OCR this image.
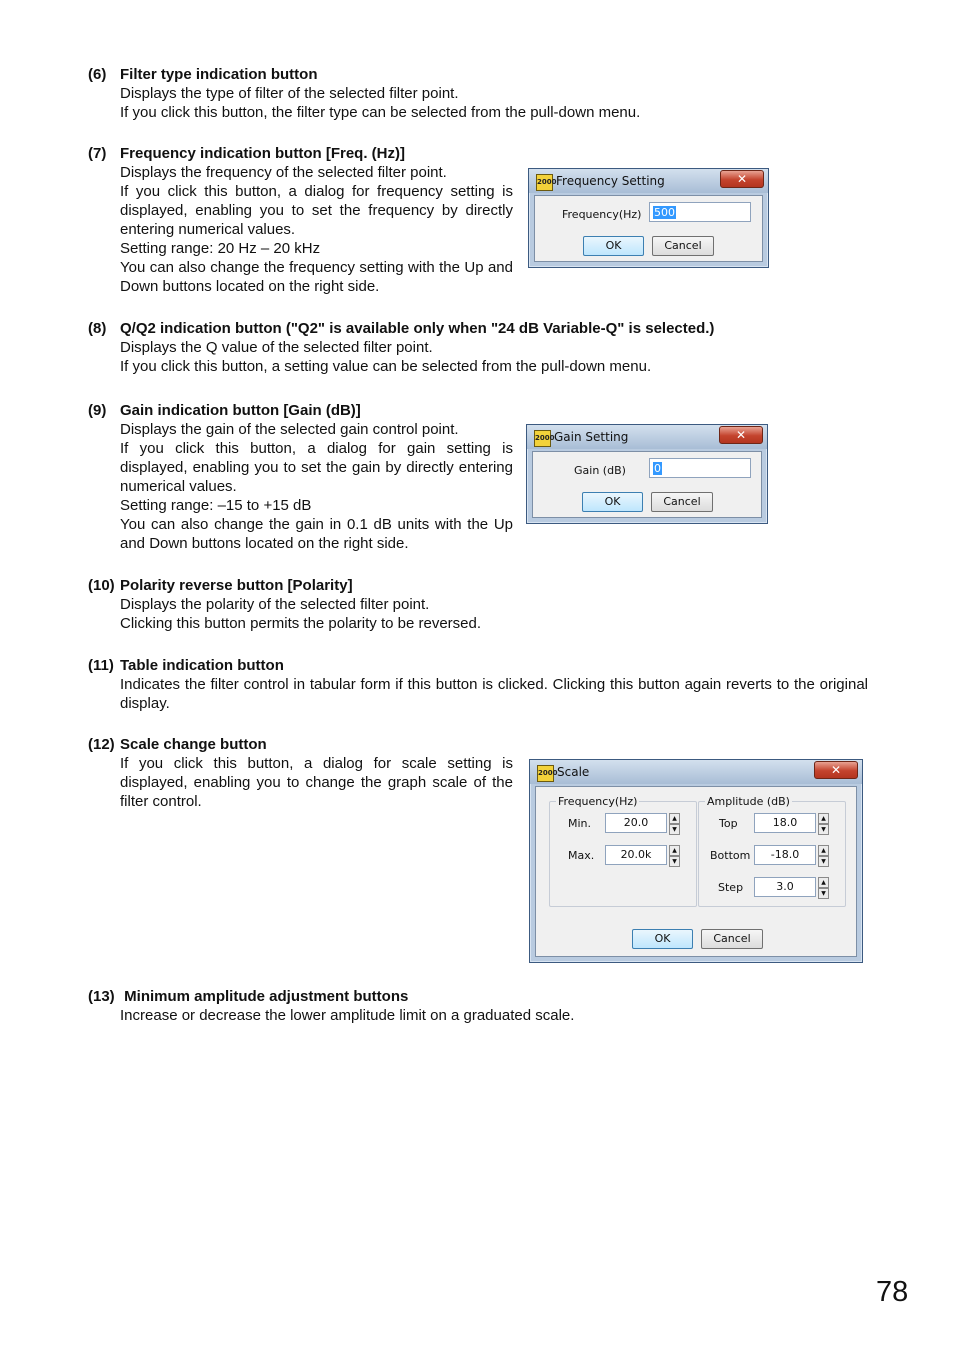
(6) Filter type indication button
Displays the type of filter of the selected filter point.
If you click this button, the filter type can be selected from the pull-down menu.
(7) Frequency indication button [Freq. (Hz)]
Displays the frequency of the selected filter point.
If you click this button, a dialog for frequency setting is displayed, enabling you to set the frequency by directly entering numerical values.
Setting range: 20 Hz – 20 kHz
You can also change the frequency setting with the Up and Down buttons located on the right side.
2000 Frequency Setting	✕
Frequency(Hz)	500
OK	Cancel
(8) Q/Q2 indication button ("Q2" is available only when "24 dB Variable-Q" is selected.)
Displays the Q value of the selected filter point.
If you click this button, a setting value can be selected from the pull-down menu.
(9) Gain indication button [Gain (dB)]
Displays the gain of the selected gain control point.
If you click this button, a dialog for gain setting is displayed, enabling you to set the gain by directly entering numerical values.
Setting range: –15 to +15 dB
You can also change the gain in 0.1 dB units with the Up and Down buttons located on the right side.
2000 Gain Setting	✕
Gain (dB)	0
OK	Cancel
(10) Polarity reverse button [Polarity]
Displays the polarity of the selected filter point.
Clicking this button permits the polarity to be reversed.
(11) Table indication button
Indicates the filter control in tabular form if this button is clicked. Clicking this button again reverts to the original display.
(12) Scale change button
If you click this button, a dialog for scale setting is displayed, enabling you to change the graph scale of the filter control.
2000 Scale	✕
Frequency(Hz)
Min.	20.0	▲
▼
Max.	20.0k	▲
▼
Amplitude (dB)
Top	18.0	▲
▼
Bottom	-18.0	▲
▼
Step	3.0	▲
▼
OK	Cancel
(13) Minimum amplitude adjustment buttons
Increase or decrease the lower amplitude limit on a graduated scale.
78
